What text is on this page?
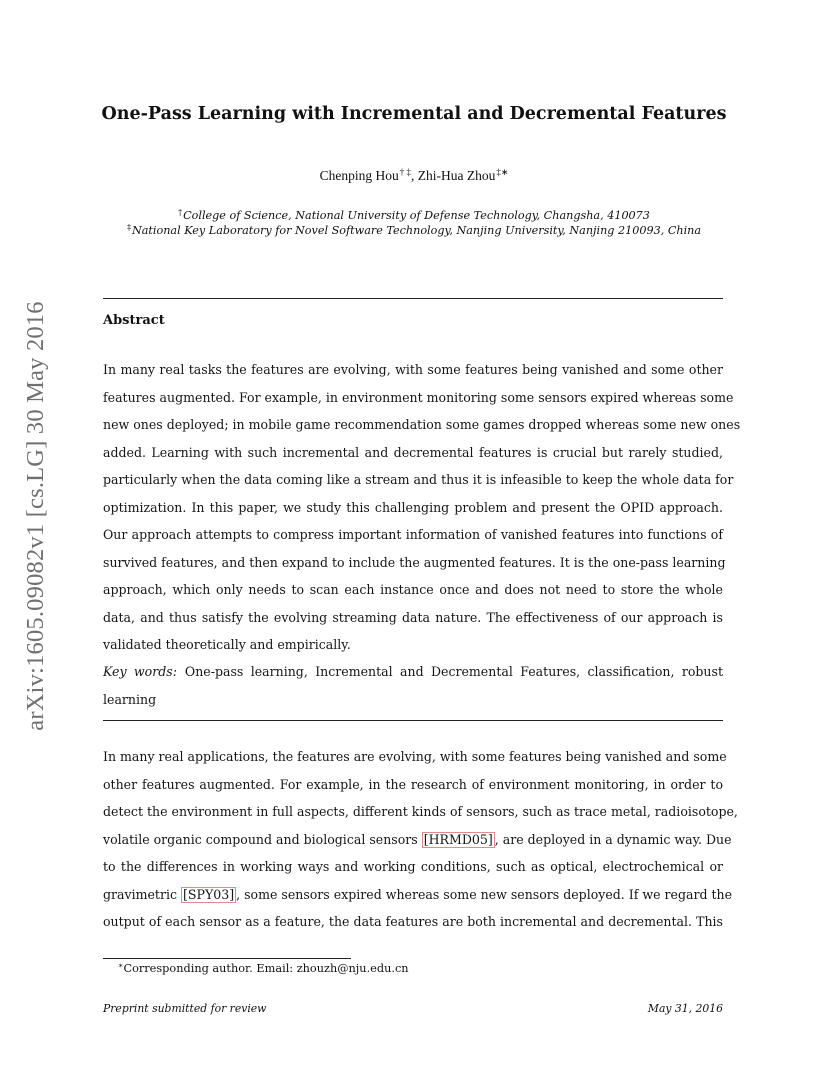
arXiv:1605.09082v1 [cs.LG] 30 May 2016
One-Pass Learning with Incremental and Decremental Features
Chenping Hou† ‡, Zhi-Hua Zhou‡∗
†College of Science, National University of Defense Technology, Changsha, 410073
‡National Key Laboratory for Novel Software Technology, Nanjing University, Nanjing 210093, China
Abstract
In many real tasks the features are evolving, with some features being vanished and some other
features augmented. For example, in environment monitoring some sensors expired whereas some
new ones deployed; in mobile game recommendation some games dropped whereas some new ones
added. Learning with such incremental and decremental features is crucial but rarely studied,
particularly when the data coming like a stream and thus it is infeasible to keep the whole data for
optimization. In this paper, we study this challenging problem and present the OPID approach.
Our approach attempts to compress important information of vanished features into functions of
survived features, and then expand to include the augmented features. It is the one-pass learning
approach, which only needs to scan each instance once and does not need to store the whole
data, and thus satisfy the evolving streaming data nature. The effectiveness of our approach is
validated theoretically and empirically.
Key words: One-pass learning, Incremental and Decremental Features, classification, robust
learning
In many real applications, the features are evolving, with some features being vanished and some
other features augmented. For example, in the research of environment monitoring, in order to
detect the environment in full aspects, different kinds of sensors, such as trace metal, radioisotope,
volatile organic compound and biological sensors [HRMD05] , are deployed in a dynamic way. Due
to the differences in working ways and working conditions, such as optical, electrochemical or
gravimetric [SPY03] , some sensors expired whereas some new sensors deployed. If we regard the
output of each sensor as a feature, the data features are both incremental and decremental. This
∗Corresponding author. Email: zhouzh@nju.edu.cn
Preprint submitted for review	May 31, 2016
